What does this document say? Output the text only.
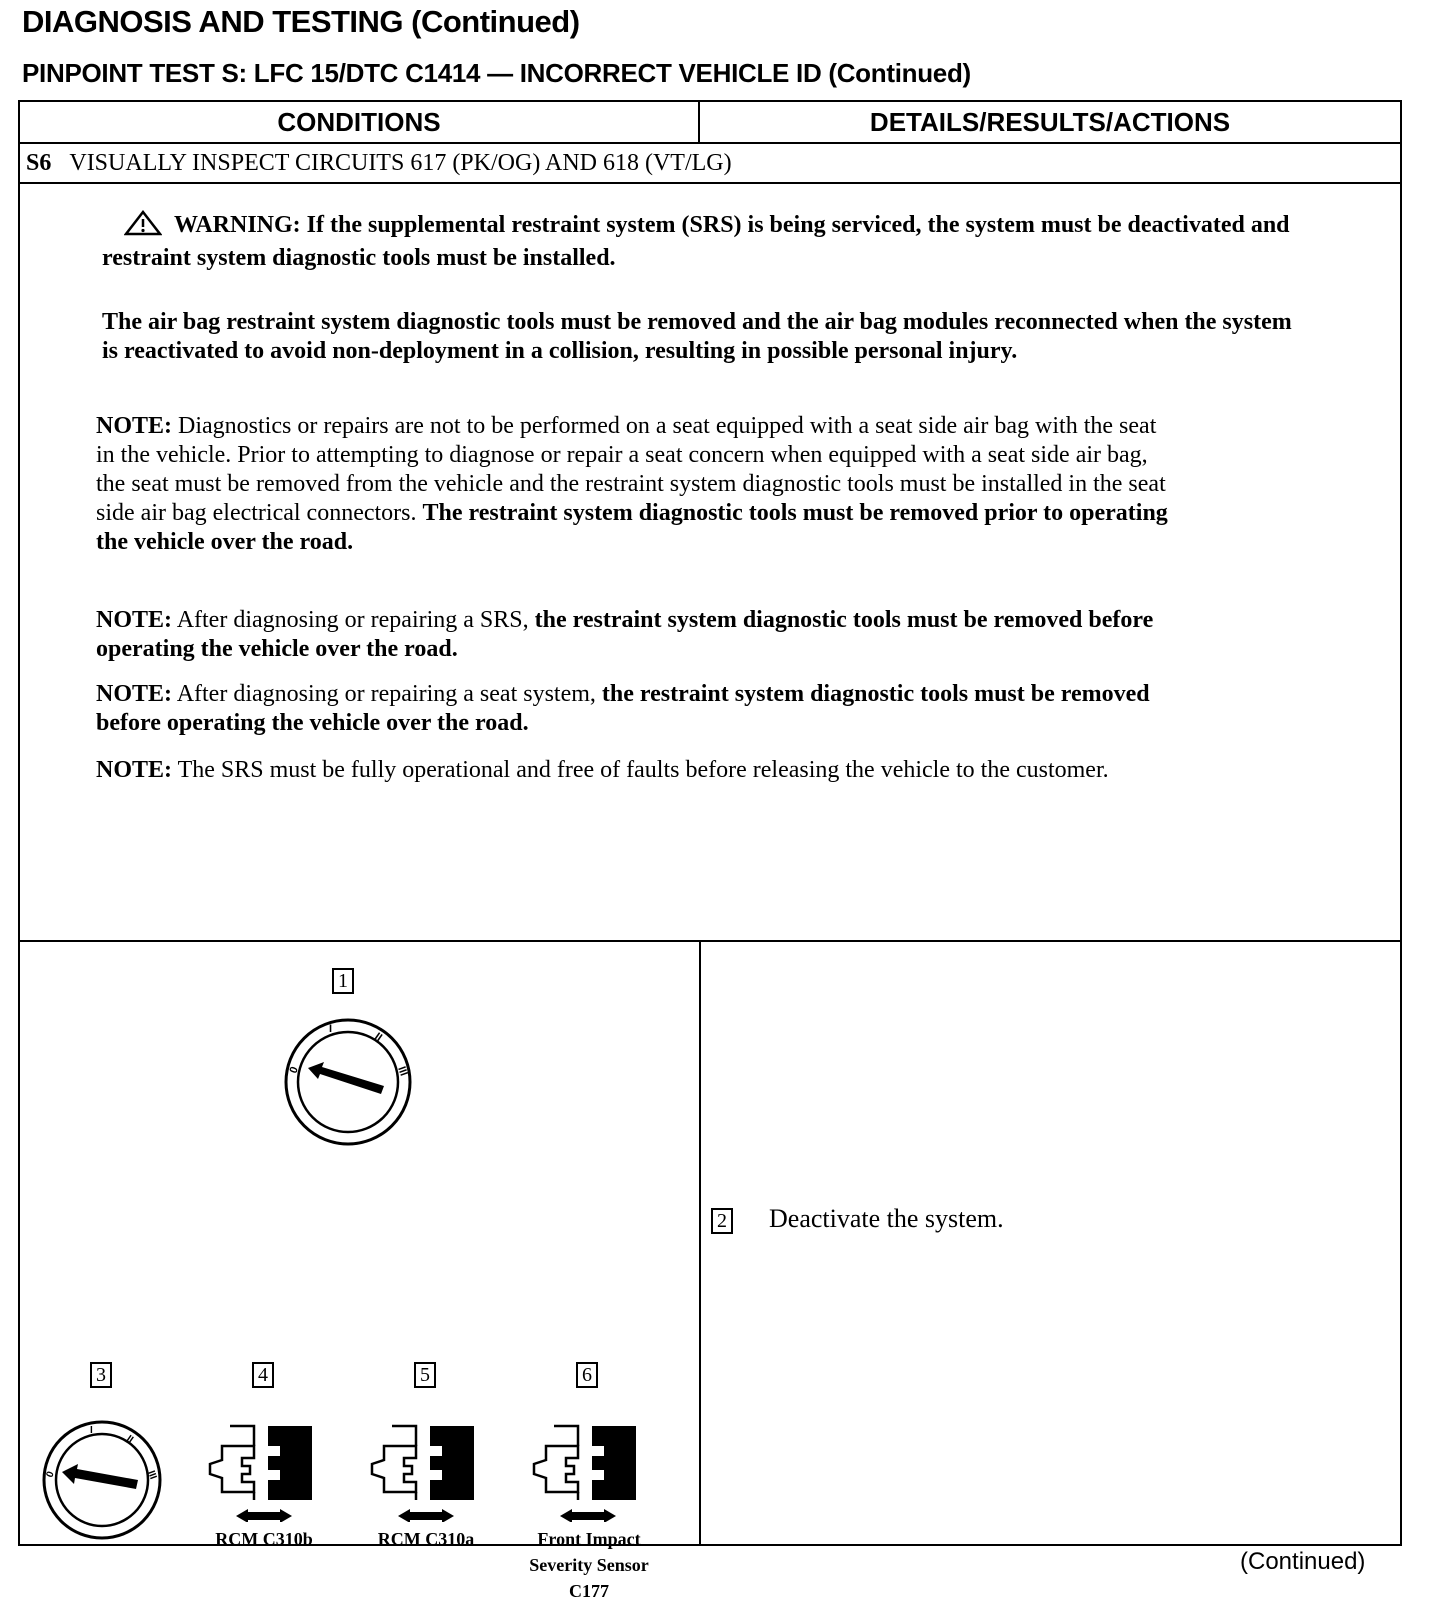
DIAGNOSIS AND TESTING (Continued)
PINPOINT TEST S: LFC 15/DTC C1414 — INCORRECT VEHICLE ID (Continued)
CONDITIONS	DETAILS/RESULTS/ACTIONS
S6 VISUALLY INSPECT CIRCUITS 617 (PK/OG) AND 618 (VT/LG)
WARNING: If the supplemental restraint system (SRS) is being serviced, the system must be deactivated and restraint system diagnostic tools must be installed.
The air bag restraint system diagnostic tools must be removed and the air bag modules reconnected when the system is reactivated to avoid non-deployment in a collision, resulting in possible personal injury.
NOTE: Diagnostics or repairs are not to be performed on a seat equipped with a seat side air bag with the seat in the vehicle. Prior to attempting to diagnose or repair a seat concern when equipped with a seat side air bag, the seat must be removed from the vehicle and the restraint system diagnostic tools must be installed in the seat side air bag electrical connectors. The restraint system diagnostic tools must be removed prior to operating the vehicle over the road.
NOTE: After diagnosing or repairing a SRS, the restraint system diagnostic tools must be removed before operating the vehicle over the road.
NOTE: After diagnosing or repairing a seat system, the restraint system diagnostic tools must be removed before operating the vehicle over the road.
NOTE: The SRS must be fully operational and free of faults before releasing the vehicle to the customer.
1
0
I
II
III
3	4	5	6
0
I
II
III
RCM C310b	RCM C310a	Front Impact Severity Sensor C177
2 Deactivate the system.
(Continued)
